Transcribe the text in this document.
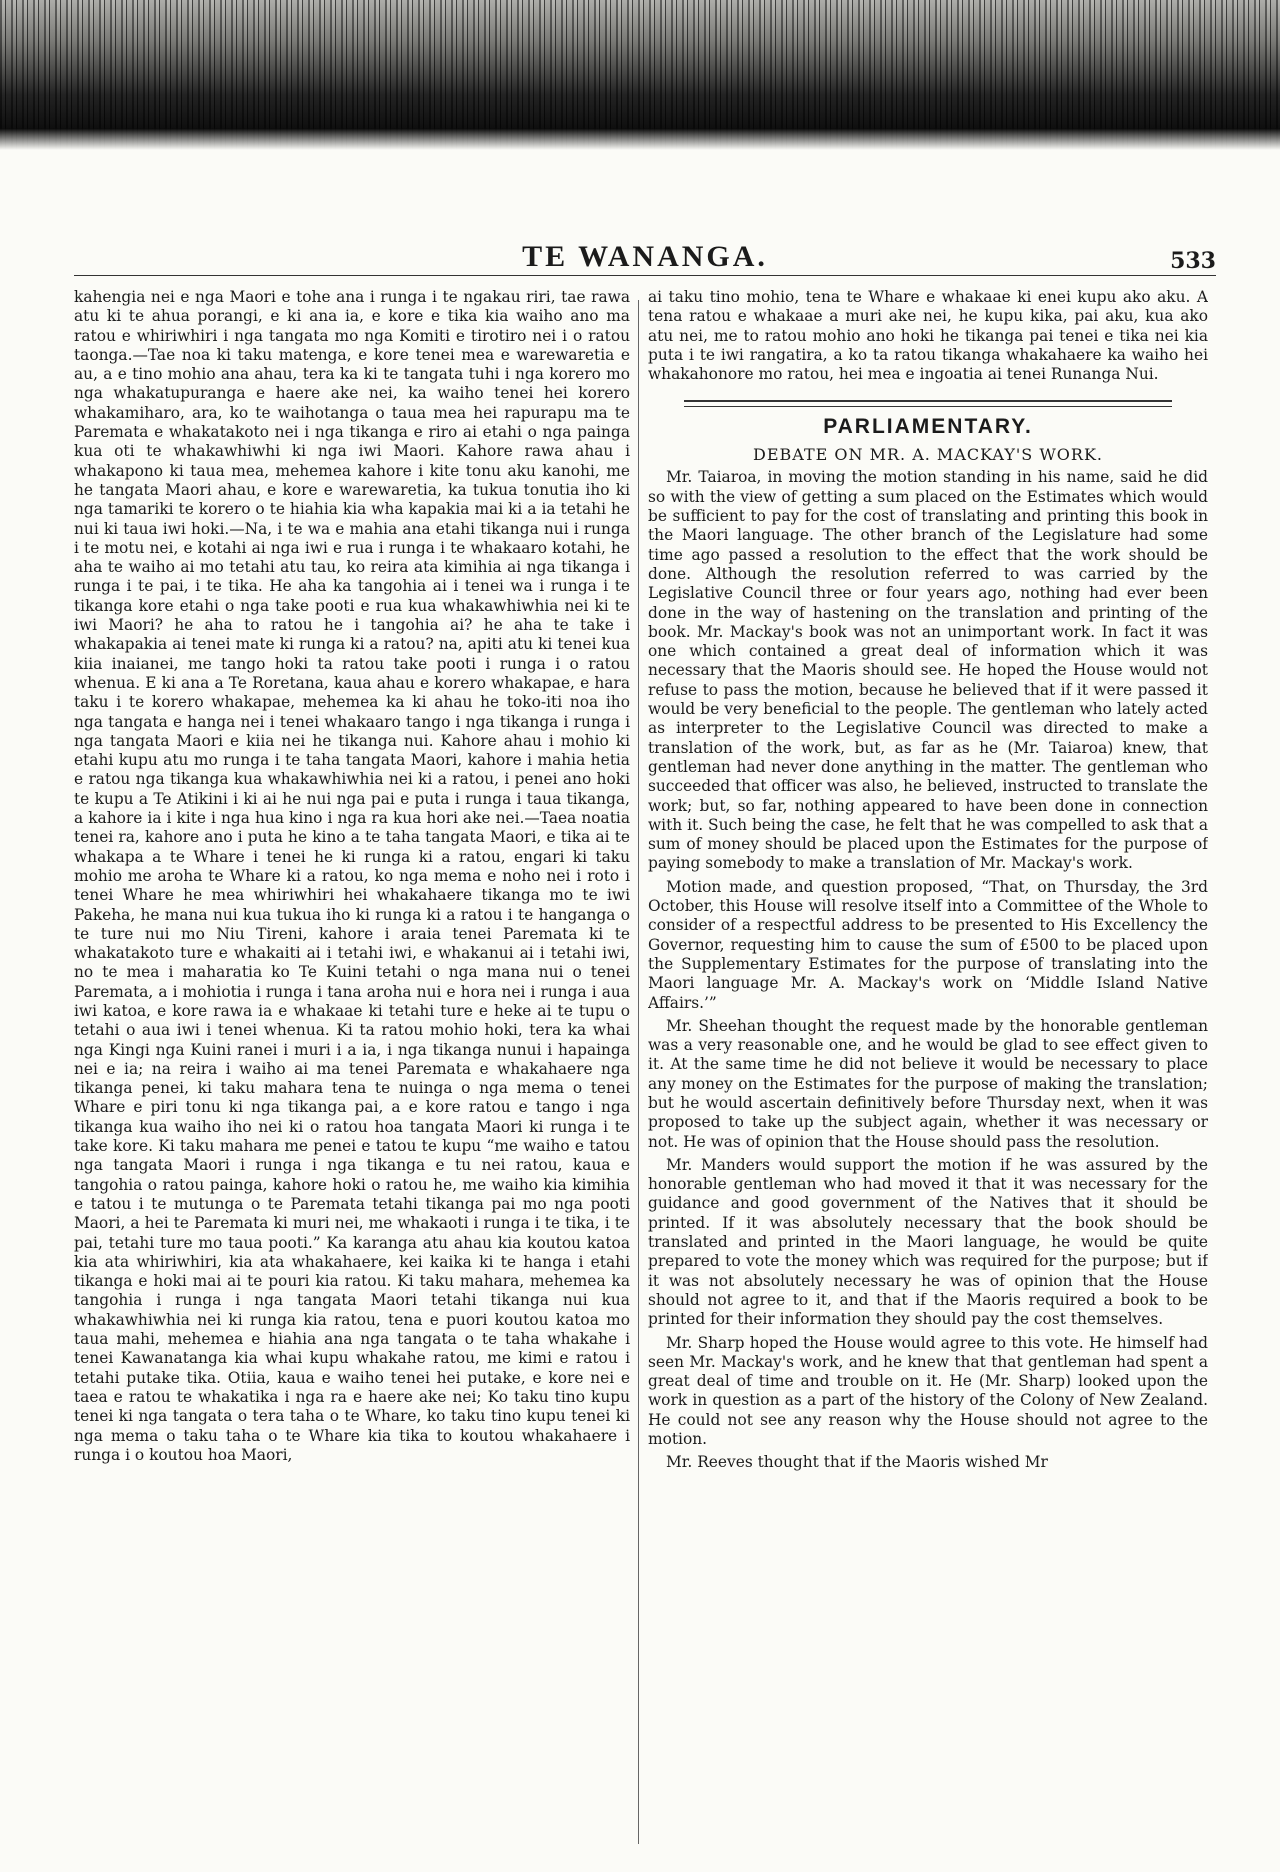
TE WANANGA.	533

kahengia nei e nga Maori e tohe ana i runga i te ngakau riri, tae rawa atu ki te ahua porangi, e ki ana ia, e kore e tika kia waiho ano ma ratou e whiriwhiri i nga tangata mo nga Komiti e tirotiro nei i o ratou taonga.—Tae noa ki taku matenga, e kore tenei mea e warewaretia e au, a e tino mohio ana ahau, tera ka ki te tangata tuhi i nga korero mo nga whakatupuranga e haere ake nei, ka waiho tenei hei korero whakamiharo, ara, ko te waihotanga o taua mea hei rapurapu ma te Paremata e whakatakoto nei i nga tikanga e riro ai etahi o nga painga kua oti te whakawhiwhi ki nga iwi Maori. Kahore rawa ahau i whakapono ki taua mea, mehemea kahore i kite tonu aku kanohi, me he tangata Maori ahau, e kore e warewaretia, ka tukua tonutia iho ki nga tamariki te korero o te hiahia kia wha kapakia mai ki a ia tetahi he nui ki taua iwi hoki.—Na, i te wa e mahia ana etahi tikanga nui i runga i te motu nei, e kotahi ai nga iwi e rua i runga i te whakaaro kotahi, he aha te waiho ai mo tetahi atu tau, ko reira ata kimihia ai nga tikanga i runga i te pai, i te tika. He aha ka tangohia ai i tenei wa i runga i te tikanga kore etahi o nga take pooti e rua kua whakawhiwhia nei ki te iwi Maori? he aha to ratou he i tangohia ai? he aha te take i whakapakia ai tenei mate ki runga ki a ratou? na, apiti atu ki tenei kua kiia inaianei, me tango hoki ta ratou take pooti i runga i o ratou whenua. E ki ana a Te Roretana, kaua ahau e korero whakapae, e hara taku i te korero whakapae, mehemea ka ki ahau he toko-iti noa iho nga tangata e hanga nei i tenei whakaaro tango i nga tikanga i runga i nga tangata Maori e kiia nei he tikanga nui. Kahore ahau i mohio ki etahi kupu atu mo runga i te taha tangata Maori, kahore i mahia hetia e ratou nga tikanga kua whakawhiwhia nei ki a ratou, i penei ano hoki te kupu a Te Atikini i ki ai he nui nga pai e puta i runga i taua tikanga, a kahore ia i kite i nga hua kino i nga ra kua hori ake nei.—Taea noatia tenei ra, kahore ano i puta he kino a te taha tangata Maori, e tika ai te whakapa a te Whare i tenei he ki runga ki a ratou, engari ki taku mohio me aroha te Whare ki a ratou, ko nga mema e noho nei i roto i tenei Whare he mea whiriwhiri hei whakahaere tikanga mo te iwi Pakeha, he mana nui kua tukua iho ki runga ki a ratou i te hanganga o te ture nui mo Niu Tireni, kahore i araia tenei Paremata ki te whakatakoto ture e whakaiti ai i tetahi iwi, e whakanui ai i tetahi iwi, no te mea i maharatia ko Te Kuini tetahi o nga mana nui o tenei Paremata, a i mohiotia i runga i tana aroha nui e hora nei i runga i aua iwi katoa, e kore rawa ia e whakaae ki tetahi ture e heke ai te tupu o tetahi o aua iwi i tenei whenua. Ki ta ratou mohio hoki, tera ka whai nga Kingi nga Kuini ranei i muri i a ia, i nga tikanga nunui i hapainga nei e ia; na reira i waiho ai ma tenei Paremata e whakahaere nga tikanga penei, ki taku mahara tena te nuinga o nga mema o tenei Whare e piri tonu ki nga tikanga pai, a e kore ratou e tango i nga tikanga kua waiho iho nei ki o ratou hoa tangata Maori ki runga i te take kore. Ki taku mahara me penei e tatou te kupu “me waiho e tatou nga tangata Maori i runga i nga tikanga e tu nei ratou, kaua e tangohia o ratou painga, kahore hoki o ratou he, me waiho kia kimihia e tatou i te mutunga o te Paremata tetahi tikanga pai mo nga pooti Maori, a hei te Paremata ki muri nei, me whakaoti i runga i te tika, i te pai, tetahi ture mo taua pooti.” Ka karanga atu ahau kia koutou katoa kia ata whiriwhiri, kia ata whakahaere, kei kaika ki te hanga i etahi tikanga e hoki mai ai te pouri kia ratou. Ki taku mahara, mehemea ka tangohia i runga i nga tangata Maori tetahi tikanga nui kua whakawhiwhia nei ki runga kia ratou, tena e puori koutou katoa mo taua mahi, mehemea e hiahia ana nga tangata o te taha whakahe i tenei Kawanatanga kia whai kupu whakahe ratou, me kimi e ratou i tetahi putake tika. Otiia, kaua e waiho tenei hei putake, e kore nei e taea e ratou te whakatika i nga ra e haere ake nei; Ko taku tino kupu tenei ki nga tangata o tera taha o te Whare, ko taku tino kupu tenei ki nga mema o taku taha o te Whare kia tika to koutou whakahaere i runga i o koutou hoa Maori,

ai taku tino mohio, tena te Whare e whakaae ki enei kupu ako aku. A tena ratou e whakaae a muri ake nei, he kupu kika, pai aku, kua ako atu nei, me to ratou mohio ano hoki he tikanga pai tenei e tika nei kia puta i te iwi rangatira, a ko ta ratou tikanga whakahaere ka waiho hei whakahonore mo ratou, hei mea e ingoatia ai tenei Runanga Nui.

PARLIAMENTARY.
DEBATE ON MR. A. MACKAY'S WORK.

Mr. Taiaroa, in moving the motion standing in his name, said he did so with the view of getting a sum placed on the Estimates which would be sufficient to pay for the cost of translating and printing this book in the Maori language. The other branch of the Legislature had some time ago passed a resolution to the effect that the work should be done. Although the resolution referred to was carried by the Legislative Council three or four years ago, nothing had ever been done in the way of hastening on the translation and printing of the book. Mr. Mackay's book was not an unimportant work. In fact it was one which contained a great deal of information which it was necessary that the Maoris should see. He hoped the House would not refuse to pass the motion, because he believed that if it were passed it would be very beneficial to the people. The gentleman who lately acted as interpreter to the Legislative Council was directed to make a translation of the work, but, as far as he (Mr. Taiaroa) knew, that gentleman had never done anything in the matter. The gentleman who succeeded that officer was also, he believed, instructed to translate the work; but, so far, nothing appeared to have been done in connection with it. Such being the case, he felt that he was compelled to ask that a sum of money should be placed upon the Estimates for the purpose of paying somebody to make a translation of Mr. Mackay's work.

Motion made, and question proposed, “That, on Thursday, the 3rd October, this House will resolve itself into a Committee of the Whole to consider of a respectful address to be presented to His Excellency the Governor, requesting him to cause the sum of £500 to be placed upon the Supplementary Estimates for the purpose of translating into the Maori language Mr. A. Mackay's work on ‘Middle Island Native Affairs.’”

Mr. Sheehan thought the request made by the honorable gentleman was a very reasonable one, and he would be glad to see effect given to it. At the same time he did not believe it would be necessary to place any money on the Estimates for the purpose of making the translation; but he would ascertain definitively before Thursday next, when it was proposed to take up the subject again, whether it was necessary or not. He was of opinion that the House should pass the resolution.

Mr. Manders would support the motion if he was assured by the honorable gentleman who had moved it that it was necessary for the guidance and good government of the Natives that it should be printed. If it was absolutely necessary that the book should be translated and printed in the Maori language, he would be quite prepared to vote the money which was required for the purpose; but if it was not absolutely necessary he was of opinion that the House should not agree to it, and that if the Maoris required a book to be printed for their information they should pay the cost themselves.

Mr. Sharp hoped the House would agree to this vote. He himself had seen Mr. Mackay's work, and he knew that that gentleman had spent a great deal of time and trouble on it. He (Mr. Sharp) looked upon the work in question as a part of the history of the Colony of New Zealand. He could not see any reason why the House should not agree to the motion.

Mr. Reeves thought that if the Maoris wished Mr
